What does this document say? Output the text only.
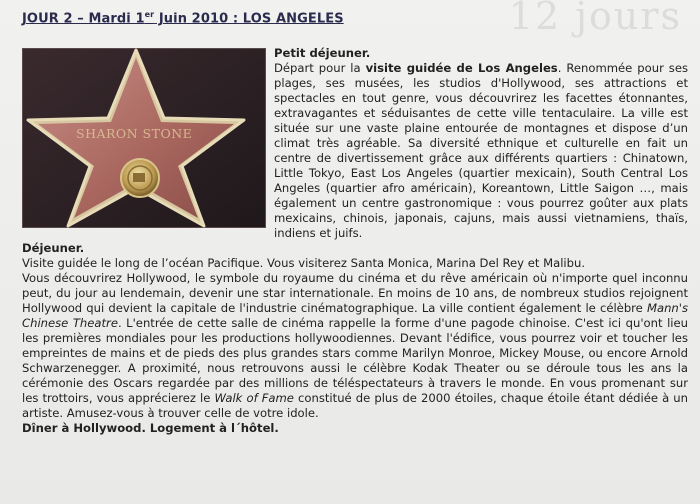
12 jours
JOUR 2 – Mardi 1er Juin 2010 : LOS ANGELES
SHARON STONE
Petit déjeuner.
Départ pour la visite guidée de Los Angeles. Renommée pour ses plages, ses musées, les studios d'Hollywood, ses attractions et spectacles en tout genre, vous découvrirez les facettes étonnantes, extravagantes et séduisantes de cette ville tentaculaire. La ville est située sur une vaste plaine entourée de montagnes et dispose d’un climat très agréable. Sa diversité ethnique et culturelle en fait un centre de divertissement grâce aux différents quartiers : Chinatown, Little Tokyo, East Los Angeles (quartier mexicain), South Central Los Angeles (quartier afro américain), Koreantown, Little Saigon …, mais également un centre gastronomique : vous pourrez goûter aux plats mexicains, chinois, japonais, cajuns, mais aussi vietnamiens, thaïs, indiens et juifs.
Déjeuner.
Visite guidée le long de l’océan Pacifique. Vous visiterez Santa Monica, Marina Del Rey et Malibu.
Vous découvrirez Hollywood, le symbole du royaume du cinéma et du rêve américain où n'importe quel inconnu peut, du jour au lendemain, devenir une star internationale. En moins de 10 ans, de nombreux studios rejoignent Hollywood qui devient la capitale de l'industrie cinématographique. La ville contient également le célèbre Mann's Chinese Theatre. L'entrée de cette salle de cinéma rappelle la forme d'une pagode chinoise. C'est ici qu'ont lieu les premières mondiales pour les productions hollywoodiennes. Devant l'édifice, vous pourrez voir et toucher les empreintes de mains et de pieds des plus grandes stars comme Marilyn Monroe, Mickey Mouse, ou encore Arnold Schwarzenegger. A proximité, nous retrouvons aussi le célèbre Kodak Theater ou se déroule tous les ans la cérémonie des Oscars regardée par des millions de téléspectateurs à travers le monde. En vous promenant sur les trottoirs, vous apprécierez le Walk of Fame constitué de plus de 2000 étoiles, chaque étoile étant dédiée à un artiste. Amusez-vous à trouver celle de votre idole.
Dîner à Hollywood. Logement à l´hôtel.
